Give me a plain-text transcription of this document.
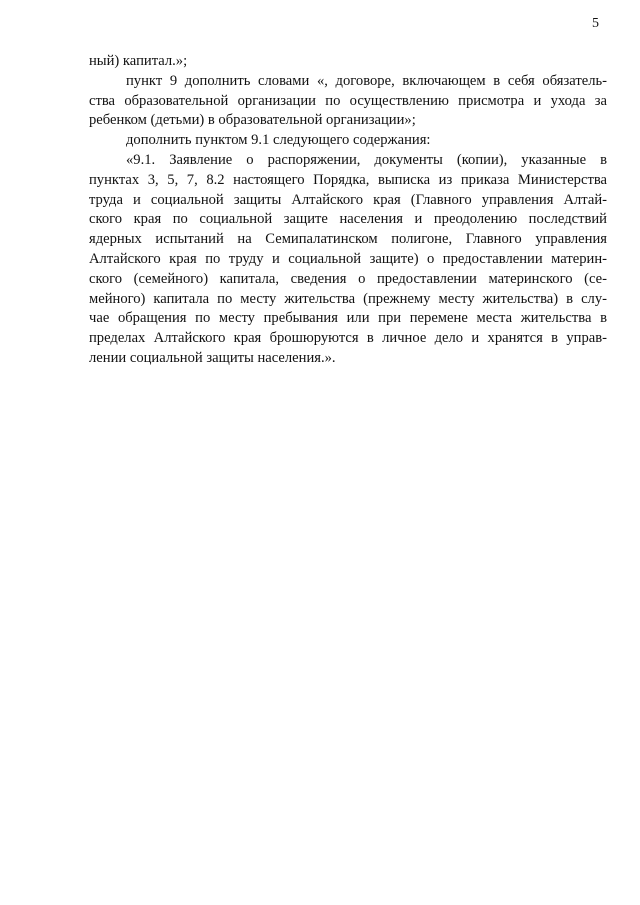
5
ный) капитал.»;
пункт 9 дополнить словами «, договоре, включающем в себя обязатель-
ства образовательной организации по осуществлению присмотра и ухода за
ребенком (детьми) в образовательной организации»;
дополнить пунктом 9.1 следующего содержания:
«9.1. Заявление о распоряжении, документы (копии), указанные в
пунктах 3, 5, 7, 8.2 настоящего Порядка, выписка из приказа Министерства
труда и социальной защиты Алтайского края (Главного управления Алтай-
ского края по социальной защите населения и преодолению последствий
ядерных испытаний на Семипалатинском полигоне, Главного управления
Алтайского края по труду и социальной защите) о предоставлении материн-
ского (семейного) капитала, сведения о предоставлении материнского (се-
мейного) капитала по месту жительства (прежнему месту жительства) в слу-
чае обращения по месту пребывания или при перемене места жительства в
пределах Алтайского края брошюруются в личное дело и хранятся в управ-
лении социальной защиты населения.».
